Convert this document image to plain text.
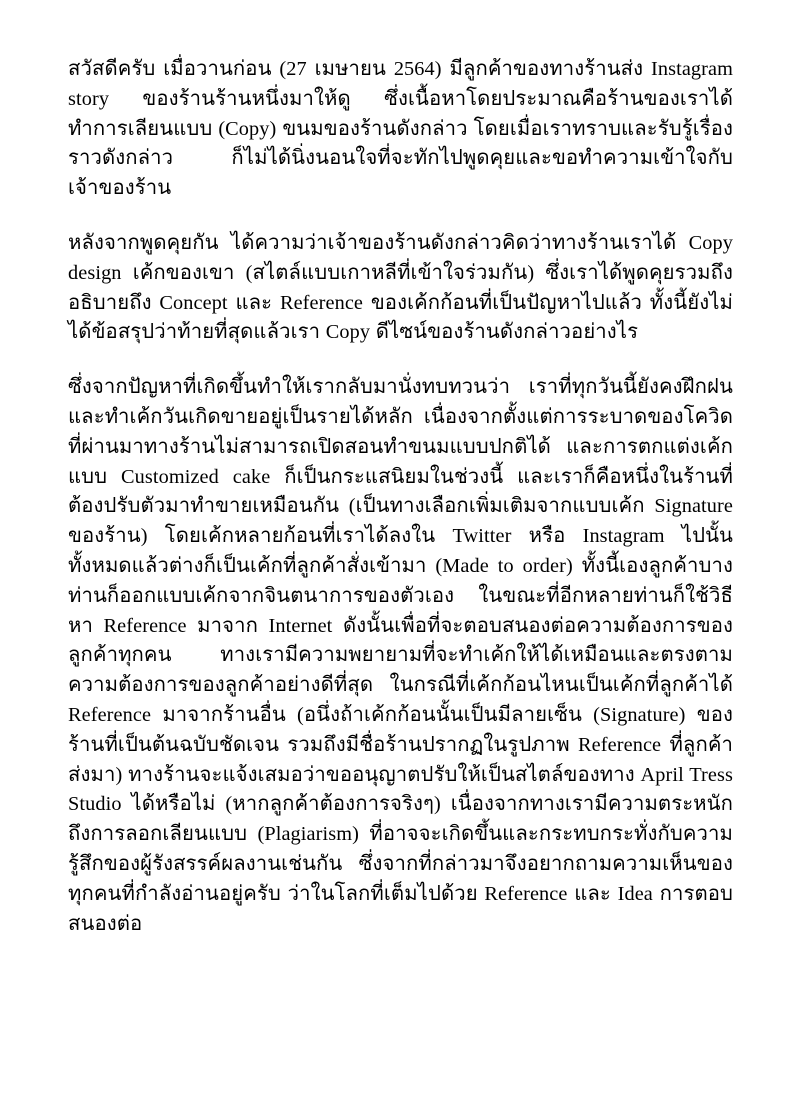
สวัสดีครับ เมื่อวานก่อน (27 เมษายน 2564) มีลูกค้าของทางร้านส่ง Instagram story ของร้านร้านหนึ่งมาให้ดู ซึ่งเนื้อหาโดยประมาณคือร้านของเราได้ทำการเลียนแบบ (Copy) ขนมของร้านดังกล่าว โดยเมื่อเราทราบและรับรู้เรื่องราวดังกล่าว ก็ไม่ได้นิ่งนอนใจที่จะทักไปพูดคุยและขอทำความเข้าใจกับเจ้าของร้าน

หลังจากพูดคุยกัน ได้ความว่าเจ้าของร้านดังกล่าวคิดว่าทางร้านเราได้ Copy design เค้กของเขา (สไตล์แบบเกาหลีที่เข้าใจร่วมกัน) ซึ่งเราได้พูดคุยรวมถึงอธิบายถึง Concept และ Reference ของเค้กก้อนที่เป็นปัญหาไปแล้ว ทั้งนี้ยังไม่ได้ข้อสรุปว่าท้ายที่สุดแล้วเรา Copy ดีไซน์ของร้านดังกล่าวอย่างไร

ซึ่งจากปัญหาที่เกิดขึ้นทำให้เรากลับมานั่งทบทวนว่า เราที่ทุกวันนี้ยังคงฝึกฝนและทำเค้กวันเกิดขายอยู่เป็นรายได้หลัก เนื่องจากตั้งแต่การระบาดของโควิดที่ผ่านมาทางร้านไม่สามารถเปิดสอนทำขนมแบบปกติได้ และการตกแต่งเค้กแบบ Customized cake ก็เป็นกระแสนิยมในช่วงนี้ และเราก็คือหนึ่งในร้านที่ต้องปรับตัวมาทำขายเหมือนกัน (เป็นทางเลือกเพิ่มเติมจากแบบเค้ก Signature ของร้าน) โดยเค้กหลายก้อนที่เราได้ลงใน Twitter หรือ Instagram ไปนั้น ทั้งหมดแล้วต่างก็เป็นเค้กที่ลูกค้าสั่งเข้ามา (Made to order) ทั้งนี้เองลูกค้าบางท่านก็ออกแบบเค้กจากจินตนาการของตัวเอง ในขณะที่อีกหลายท่านก็ใช้วิธีหา Reference มาจาก Internet ดังนั้นเพื่อที่จะตอบสนองต่อความต้องการของลูกค้าทุกคน ทางเรามีความพยายามที่จะทำเค้กให้ได้เหมือนและตรงตามความต้องการของลูกค้าอย่างดีที่สุด ในกรณีที่เค้กก้อนไหนเป็นเค้กที่ลูกค้าได้ Reference มาจากร้านอื่น (อนึ่งถ้าเค้กก้อนนั้นเป็นมีลายเซ็น (Signature) ของร้านที่เป็นต้นฉบับชัดเจน รวมถึงมีชื่อร้านปรากฏในรูปภาพ Reference ที่ลูกค้าส่งมา) ทางร้านจะแจ้งเสมอว่าขออนุญาตปรับให้เป็นสไตล์ของทาง April Tress Studio ได้หรือไม่ (หากลูกค้าต้องการจริงๆ) เนื่องจากทางเรามีความตระหนักถึงการลอกเลียนแบบ (Plagiarism) ที่อาจจะเกิดขึ้นและกระทบกระทั่งกับความรู้สึกของผู้รังสรรค์ผลงานเช่นกัน ซึ่งจากที่กล่าวมาจึงอยากถามความเห็นของทุกคนที่กำลังอ่านอยู่ครับ ว่าในโลกที่เต็มไปด้วย Reference และ Idea การตอบสนองต่อ
